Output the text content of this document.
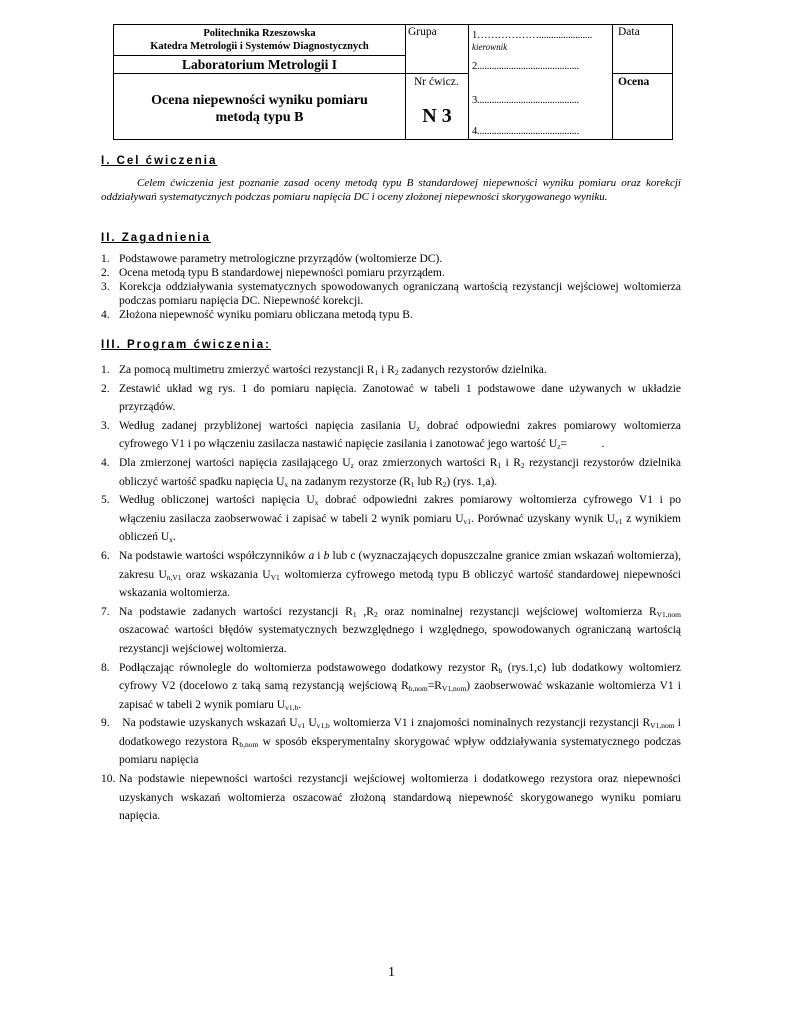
Politechnika Rzeszowska
Katedra Metrologii i Systemów Diagnostycznych
Laboratorium Metrologii I
Ocena niepewności wyniku pomiaru
metodą typu B
Grupa
Nr ćwicz.
N 3
1………………......................
kierownik
2..........................................
3..........................................
4..........................................
Data
Ocena
I. Cel ćwiczenia
Celem ćwiczenia jest poznanie zasad oceny metodą typu B standardowej niepewności wyniku pomiaru oraz korekcji oddziaływań systematycznych podczas pomiaru napięcia DC i oceny złożonej niepewności skorygowanego wyniku.
II. Zagadnienia
1. Podstawowe parametry metrologiczne przyrządów (woltomierze DC).
2. Ocena metodą typu B standardowej niepewności pomiaru przyrządem.
3. Korekcja oddziaływania systematycznych spowodowanych ograniczaną wartością rezystancji wejściowej woltomierza podczas pomiaru napięcia DC. Niepewność korekcji.
4. Złożona niepewność wyniku pomiaru obliczana metodą typu B.
III. Program ćwiczenia:
1. Za pomocą multimetru zmierzyć wartości rezystancji $R_1$ i $R_2$ zadanych rezystorów dzielnika.
2. Zestawić układ wg rys. 1 do pomiaru napięcia. Zanotować w tabeli 1 podstawowe dane używanych w układzie przyrządów.
3. Według zadanej przybliżonej wartości napięcia zasilania $U_z$ dobrać odpowiedni zakres pomiarowy woltomierza cyfrowego V1 i po włączeniu zasilacza nastawić napięcie zasilania i zanotować jego wartość $U_z=$            .
4. Dla zmierzonej wartości napięcia zasilającego $U_z$ oraz zmierzonych wartości $R_1$ i $R_2$ rezystancji rezystorów dzielnika obliczyć wartość spadku napięcia $U_x$ na zadanym rezystorze ($R_1$ lub $R_2$) (rys. 1,a).
5. Według obliczonej wartości napięcia $U_x$ dobrać odpowiedni zakres pomiarowy woltomierza cyfrowego V1 i po włączeniu zasilacza zaobserwować i zapisać w tabeli 2 wynik pomiaru $U_{v1}$. Porównać uzyskany wynik $U_{v1}$ z wynikiem obliczeń $U_x$.
6. Na podstawie wartości współczynników a i b lub c (wyznaczających dopuszczalne granice zmian wskazań woltomierza), zakresu $U_{n,V1}$ oraz wskazania $U_{V1}$ woltomierza cyfrowego metodą typu B obliczyć wartość standardowej niepewności wskazania woltomierza.
7. Na podstawie zadanych wartości rezystancji $R_1$ $,R_2$ oraz nominalnej rezystancji wejściowej woltomierza $R_{V1,nom}$ oszacować wartości błędów systematycznych bezwzględnego i względnego, spowodowanych ograniczaną wartością rezystancji wejściowej woltomierza.
8. Podłączając równolegle do woltomierza podstawowego dodatkowy rezystor $R_b$ (rys.1,c) lub dodatkowy woltomierz cyfrowy V2 (docelowo z taką samą rezystancją wejściową $R_{b,nom}=R_{V1,nom}$) zaobserwować wskazanie woltomierza V1 i zapisać w tabeli 2 wynik pomiaru $U_{v1,b}$.
9. Na podstawie uzyskanych wskazań $U_{v1}$ $U_{v1,b}$ woltomierza V1 i znajomości nominalnych rezystancji rezystancji $R_{V1,nom}$ i dodatkowego rezystora $R_{b,nom}$ w sposób eksperymentalny skorygować wpływ oddziaływania systematycznego podczas pomiaru napięcia
10. Na podstawie niepewności wartości rezystancji wejściowej woltomierza i dodatkowego rezystora oraz niepewności uzyskanych wskazań woltomierza oszacować złożoną standardową niepewność skorygowanego wyniku pomiaru napięcia.
1
